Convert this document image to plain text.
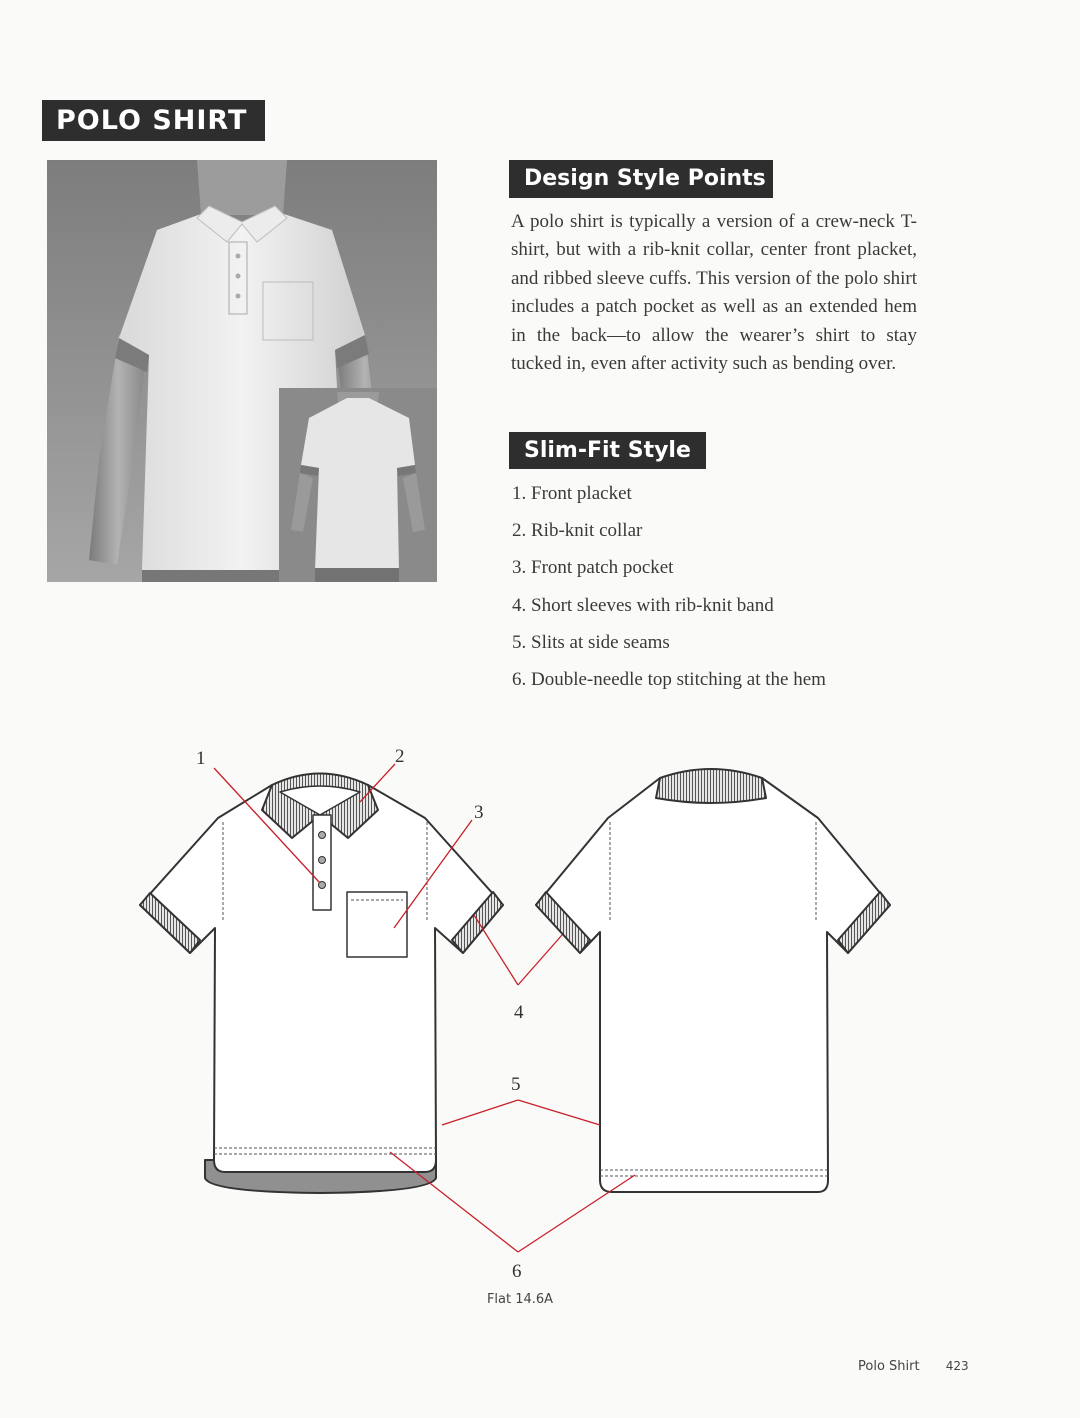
POLO SHIRT
Design Style Points

A polo shirt is typically a version of a crew-neck T-shirt, but with a rib-knit collar, center front placket, and ribbed sleeve cuffs. This version of the polo shirt includes a patch pocket as well as an extended hem in the back—to allow the wearer’s shirt to stay tucked in, even after activity such as bending over.

Slim-Fit Style
1. Front placket
2. Rib-knit collar
3. Front patch pocket
4. Short sleeves with rib-knit band
5. Slits at side seams
6. Double-needle top stitching at the hem
1	2
3
4
5
6
Flat 14.6A
Polo Shirt 423
